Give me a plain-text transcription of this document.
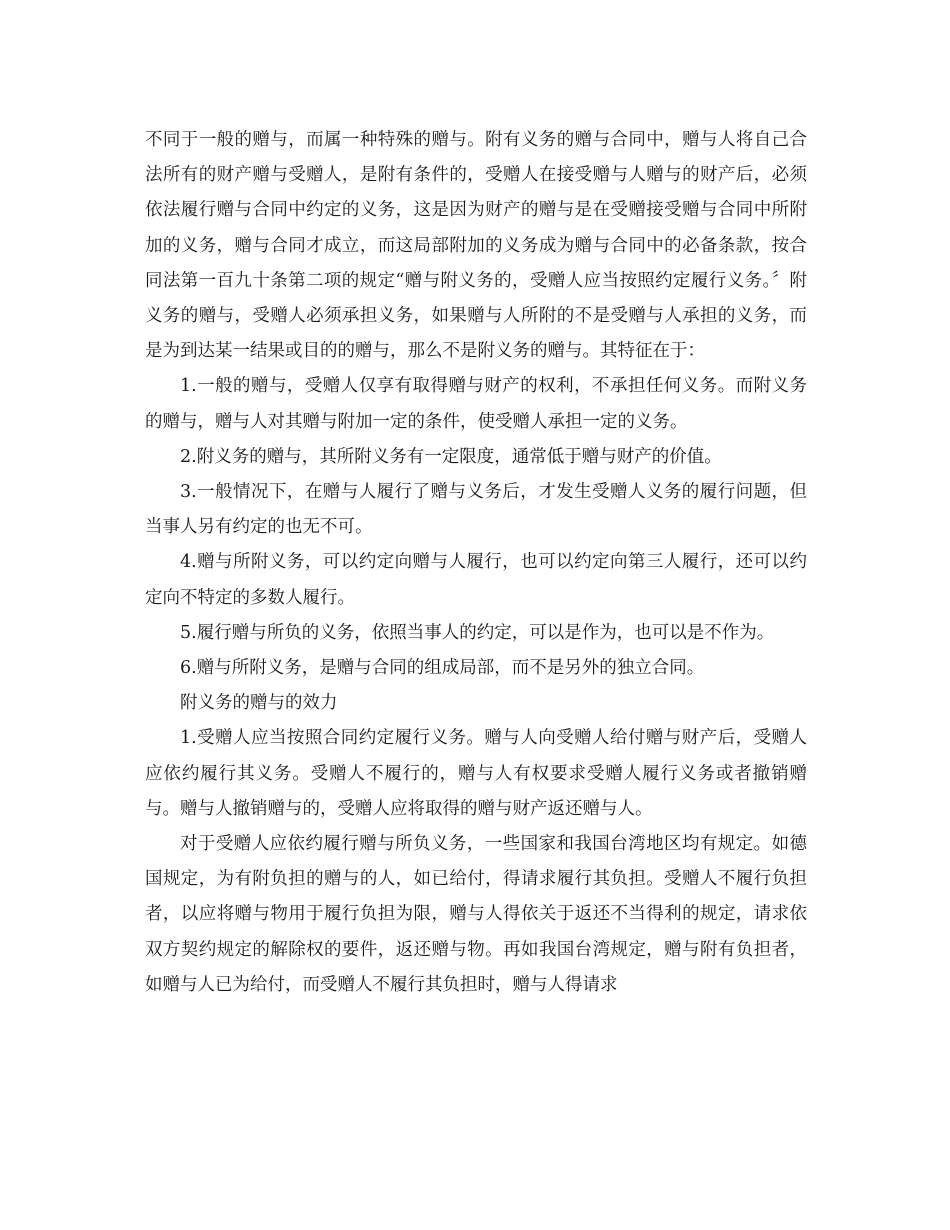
不同于一般的赠与，而属一种特殊的赠与。附有义务的赠与合同中，赠与人将自己合法所有的财产赠与受赠人，是附有条件的，受赠人在接受赠与人赠与的财产后，必须依法履行赠与合同中约定的义务，这是因为财产的赠与是在受赠接受赠与合同中所附加的义务，赠与合同才成立，而这局部附加的义务成为赠与合同中的必备条款，按合同法第一百九十条第二项的规定“赠与附义务的，受赠人应当按照约定履行义务。〞附义务的赠与，受赠人必须承担义务，如果赠与人所附的不是受赠与人承担的义务，而是为到达某一结果或目的的赠与，那么不是附义务的赠与。其特征在于：

1.一般的赠与，受赠人仅享有取得赠与财产的权利，不承担任何义务。而附义务的赠与，赠与人对其赠与附加一定的条件，使受赠人承担一定的义务。

2.附义务的赠与，其所附义务有一定限度，通常低于赠与财产的价值。

3.一般情况下，在赠与人履行了赠与义务后，才发生受赠人义务的履行问题，但当事人另有约定的也无不可。

4.赠与所附义务，可以约定向赠与人履行，也可以约定向第三人履行，还可以约定向不特定的多数人履行。

5.履行赠与所负的义务，依照当事人的约定，可以是作为，也可以是不作为。

6.赠与所附义务，是赠与合同的组成局部，而不是另外的独立合同。

附义务的赠与的效力

1.受赠人应当按照合同约定履行义务。赠与人向受赠人给付赠与财产后，受赠人应依约履行其义务。受赠人不履行的，赠与人有权要求受赠人履行义务或者撤销赠与。赠与人撤销赠与的，受赠人应将取得的赠与财产返还赠与人。

对于受赠人应依约履行赠与所负义务，一些国家和我国台湾地区均有规定。如德国规定，为有附负担的赠与的人，如已给付，得请求履行其负担。受赠人不履行负担者，以应将赠与物用于履行负担为限，赠与人得依关于返还不当得利的规定，请求依双方契约规定的解除权的要件，返还赠与物。再如我国台湾规定，赠与附有负担者，如赠与人已为给付，而受赠人不履行其负担时，赠与人得请求
